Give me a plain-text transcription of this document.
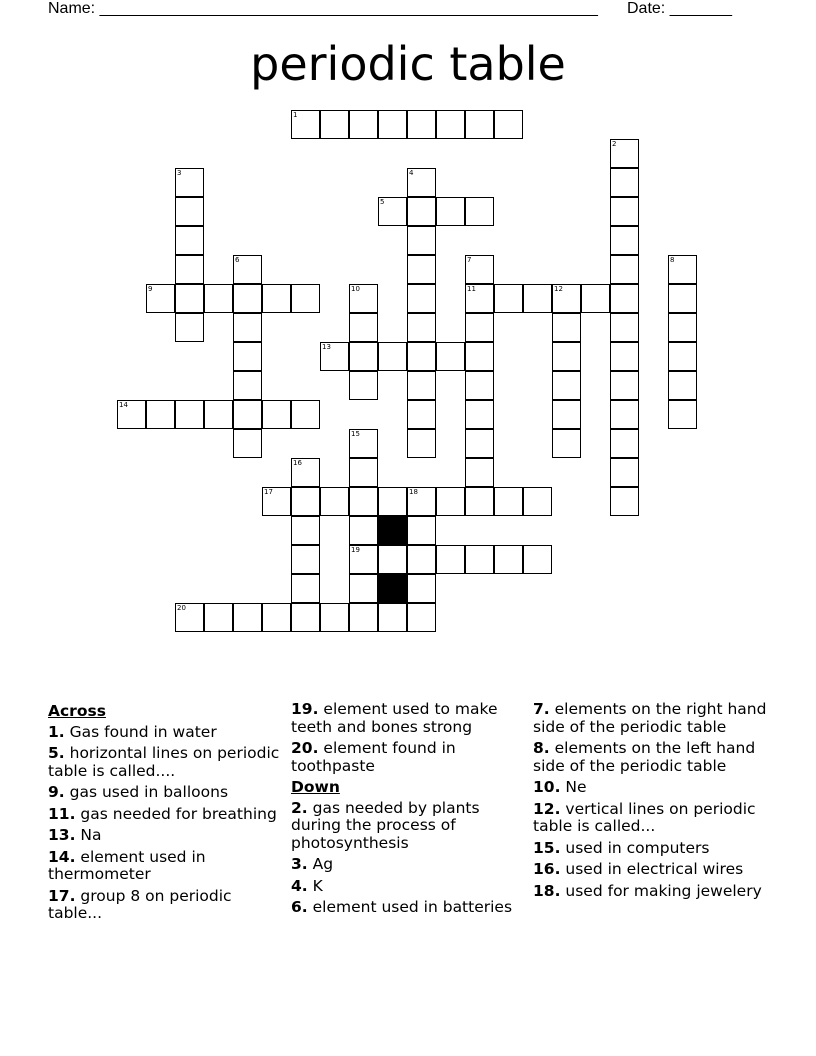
Name: ________________________________________________________ Date: _______
periodic table
1
2
3	4
5
6	7
11
8
9	10	12
13
14
15
19
16
17	18
20
Across
1. Gas found in water
5. horizontal lines on periodic table is called....
9. gas used in balloons
11. gas needed for breathing
13. Na
14. element used in thermometer
17. group 8 on periodic table...
19. element used to make teeth and bones strong
20. element found in toothpaste
Down
2. gas needed by plants during the process of photosynthesis
3. Ag
4. K
6. element used in batteries
7. elements on the right hand side of the periodic table
8. elements on the left hand side of the periodic table
10. Ne
12. vertical lines on periodic table is called...
15. used in computers
16. used in electrical wires
18. used for making jewelery
